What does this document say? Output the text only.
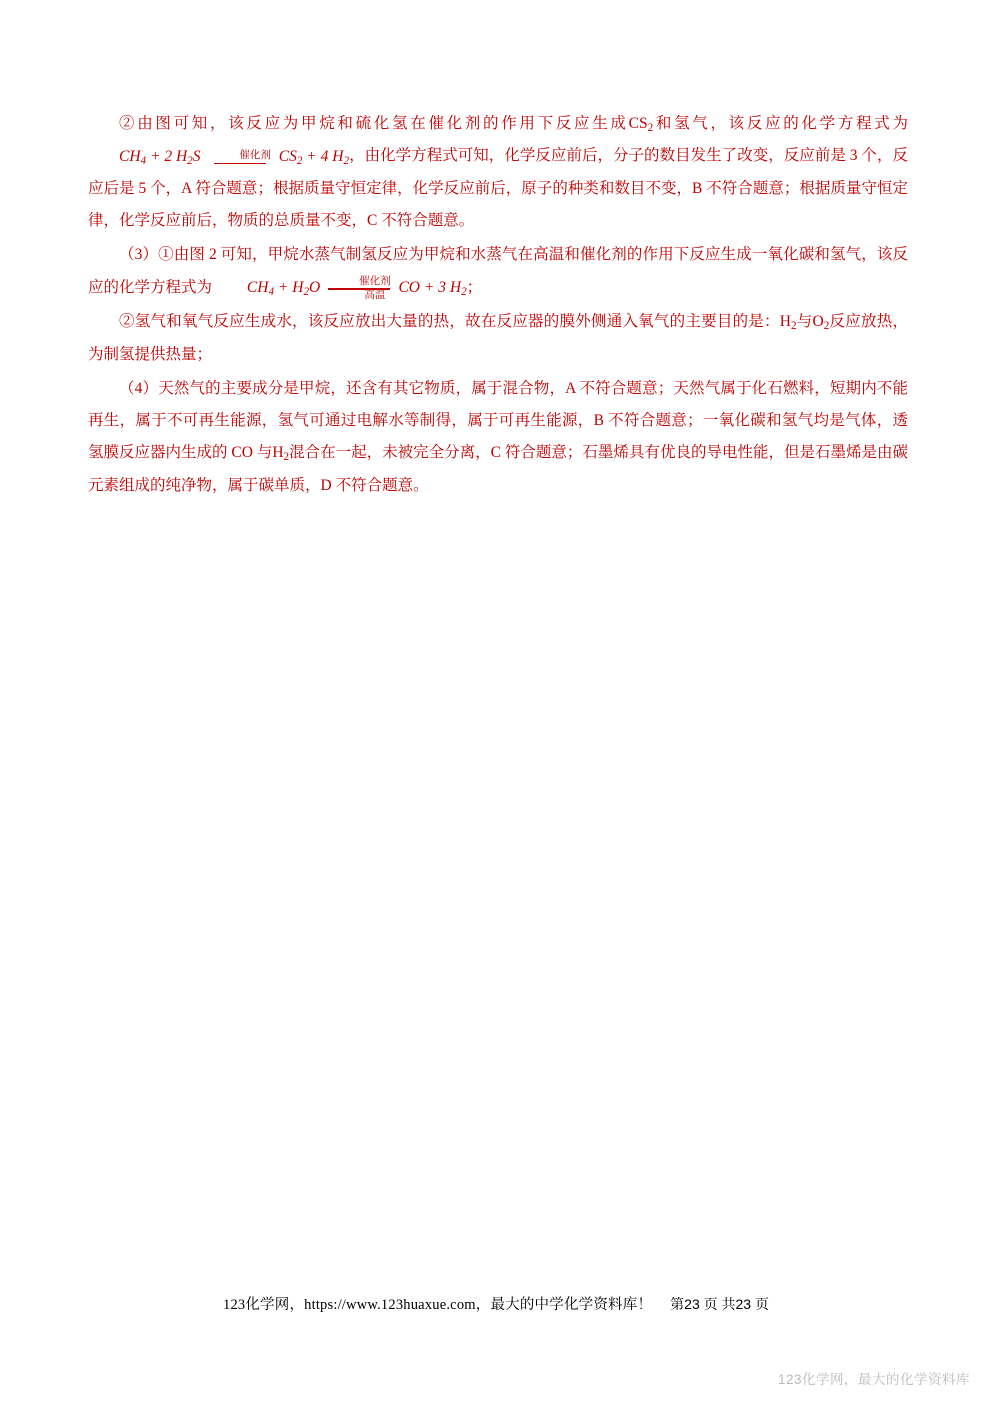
②由图可知，该反应为甲烷和硫化氢在催化剂的作用下反应生成$CS_2$和氢气，该反应的化学方程式为 $CH_4 + 2$ $H_2S$	催化剂 $CS_2 + 4$ $H_2$，由化学方程式可知，化学反应前后，分子的数目发生了改变，反应前是 3 个，反应后是 5 个，A 符合题意；根据质量守恒定律，化学反应前后，原子的种类和数目不变，B 不符合题意；根据质量守恒定律，化学反应前后，物质的总质量不变，C 不符合题意。

（3）①由图 2 可知，甲烷水蒸气制氢反应为甲烷和水蒸气在高温和催化剂的作用下反应生成一氧化碳和氢气，该反应的化学方程式为 $CH_4 + H_2O$	催化剂
高温 CO + 3 $H_2$；

②氢气和氧气反应生成水，该反应放出大量的热，故在反应器的膜外侧通入氧气的主要目的是：$H_2$与$O_2$反应放热，为制氢提供热量；

（4）天然气的主要成分是甲烷，还含有其它物质，属于混合物，A 不符合题意；天然气属于化石燃料，短期内不能再生，属于不可再生能源，氢气可通过电解水等制得，属于可再生能源，B 不符合题意；一氧化碳和氢气均是气体，透氢膜反应器内生成的 CO 与$H_2$混合在一起，未被完全分离，C 符合题意；石墨烯具有优良的导电性能，但是石墨烯是由碳元素组成的纯净物，属于碳单质，D 不符合题意。

123化学网，https://www.123huaxue.com，最大的中学化学资料库！ 第23 页 共23 页
123化学网，最大的化学资料库
